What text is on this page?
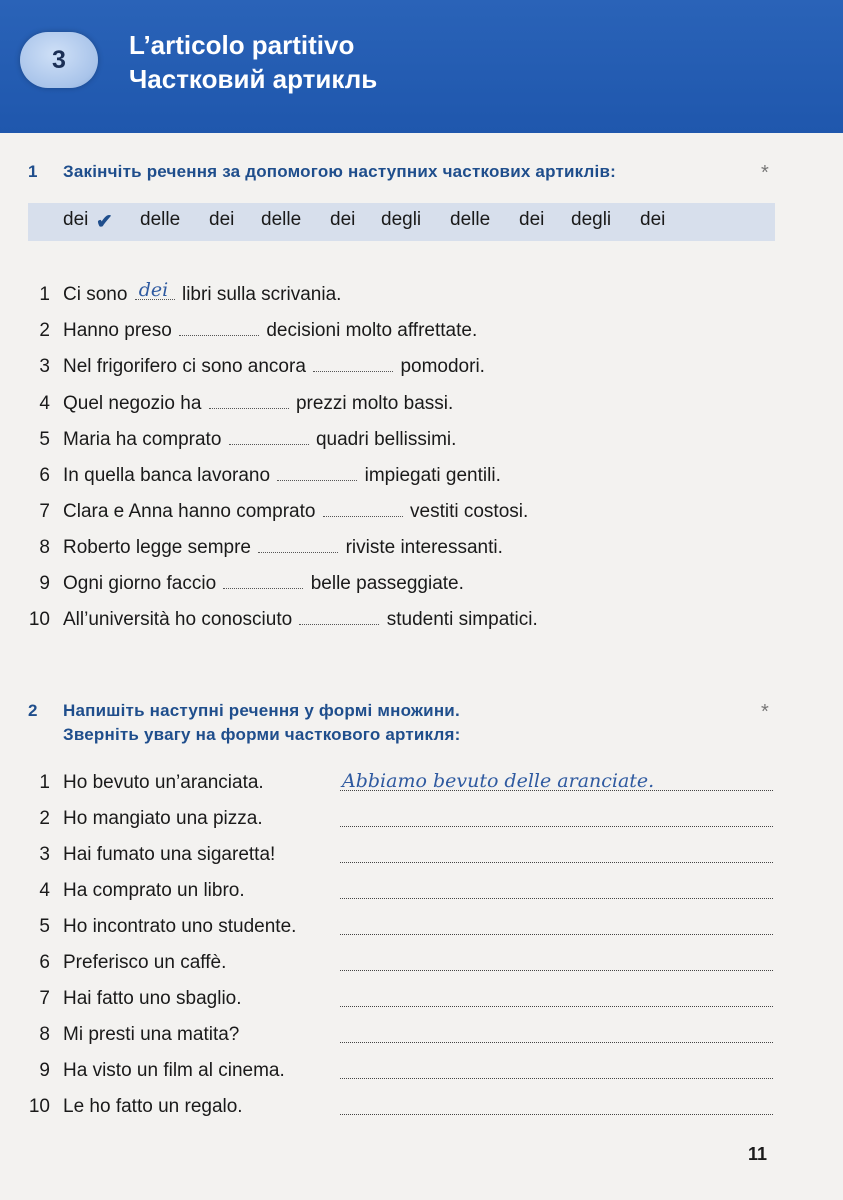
3	L’articolo partitivo
Частковий артикль
1 Закінчіть речення за допомогою наступних часткових артиклів:	*
dei ✔ delle dei delle dei degli delle dei degli dei
1 Ci sono dei libri sulla scrivania.
2 Hanno preso	decisioni molto affrettate.
3 Nel frigorifero ci sono ancora	pomodori.
4 Quel negozio ha	prezzi molto bassi.
5 Maria ha comprato	quadri bellissimi.
6 In quella banca lavorano	impiegati gentili.
7 Clara e Anna hanno comprato	vestiti costosi.
8 Roberto legge sempre	riviste interessanti.
9 Ogni giorno faccio	belle passeggiate.
10 All’università ho conosciuto	studenti simpatici.
2 Напишіть наступні речення у формі множини.
Зверніть увагу на форми часткового артикля:
*
1 Ho bevuto un’aranciata.	Abbiamo bevuto delle aranciate.
2 Ho mangiato una pizza.
3 Hai fumato una sigaretta!
4 Ha comprato un libro.
5 Ho incontrato uno studente.
6 Preferisco un caffè.
7 Hai fatto uno sbaglio.
8 Mi presti una matita?
9 Ha visto un film al cinema.
10 Le ho fatto un regalo.
11
